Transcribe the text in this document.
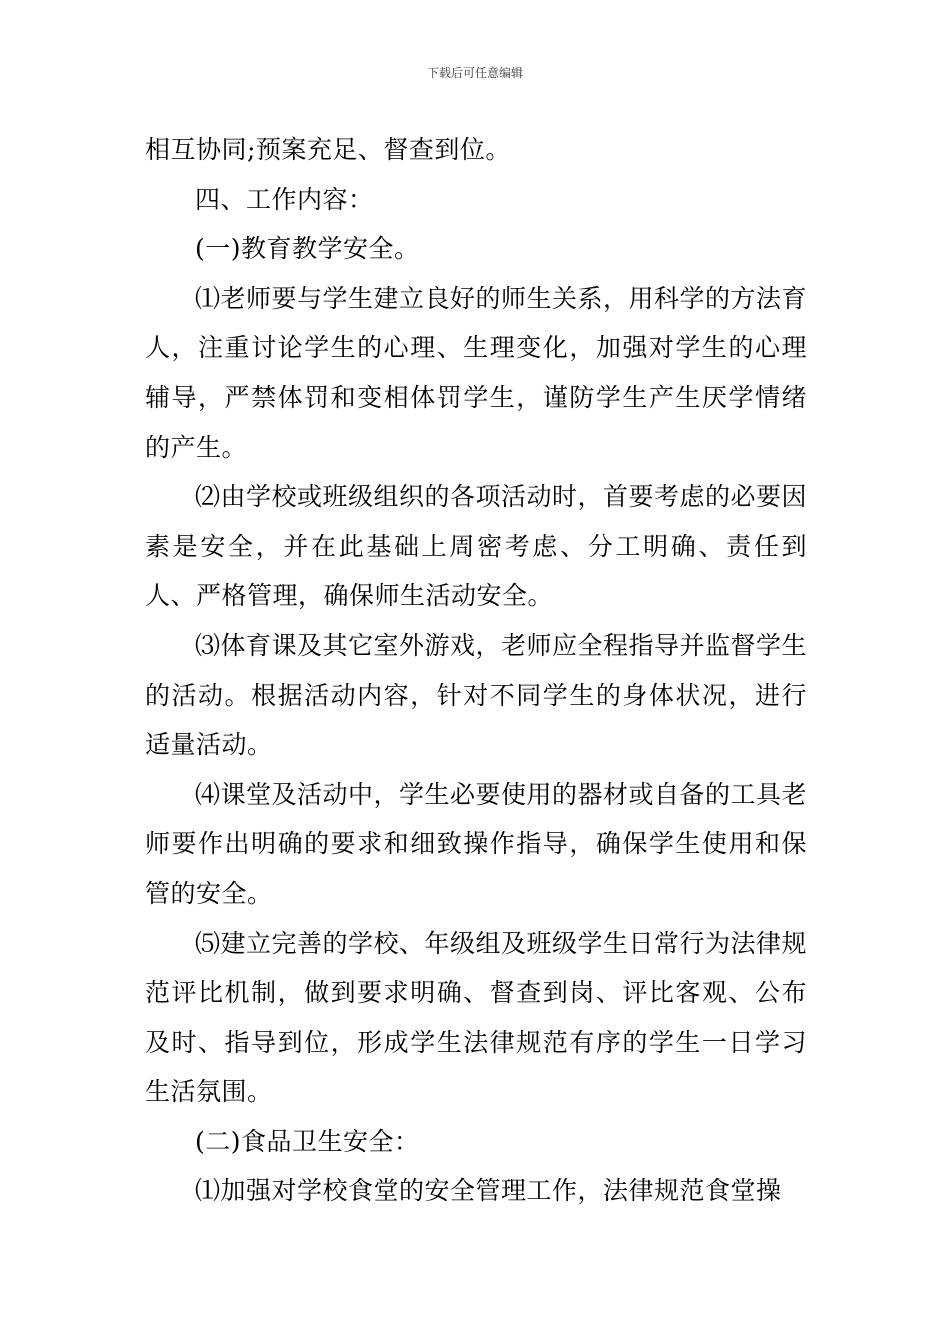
下载后可任意编辑

相互协同;预案充足、督查到位。

四、工作内容：

(一)教育教学安全。

⑴老师要与学生建立良好的师生关系，用科学的方法育人，注重讨论学生的心理、生理变化，加强对学生的心理辅导，严禁体罚和变相体罚学生，谨防学生产生厌学情绪的产生。

⑵由学校或班级组织的各项活动时，首要考虑的必要因素是安全，并在此基础上周密考虑、分工明确、责任到人、严格管理，确保师生活动安全。

⑶体育课及其它室外游戏，老师应全程指导并监督学生的活动。根据活动内容，针对不同学生的身体状况，进行适量活动。

⑷课堂及活动中，学生必要使用的器材或自备的工具老师要作出明确的要求和细致操作指导，确保学生使用和保管的安全。

⑸建立完善的学校、年级组及班级学生日常行为法律规范评比机制，做到要求明确、督查到岗、评比客观、公布及时、指导到位，形成学生法律规范有序的学生一日学习生活氛围。

(二)食品卫生安全：

⑴加强对学校食堂的安全管理工作，法律规范食堂操
